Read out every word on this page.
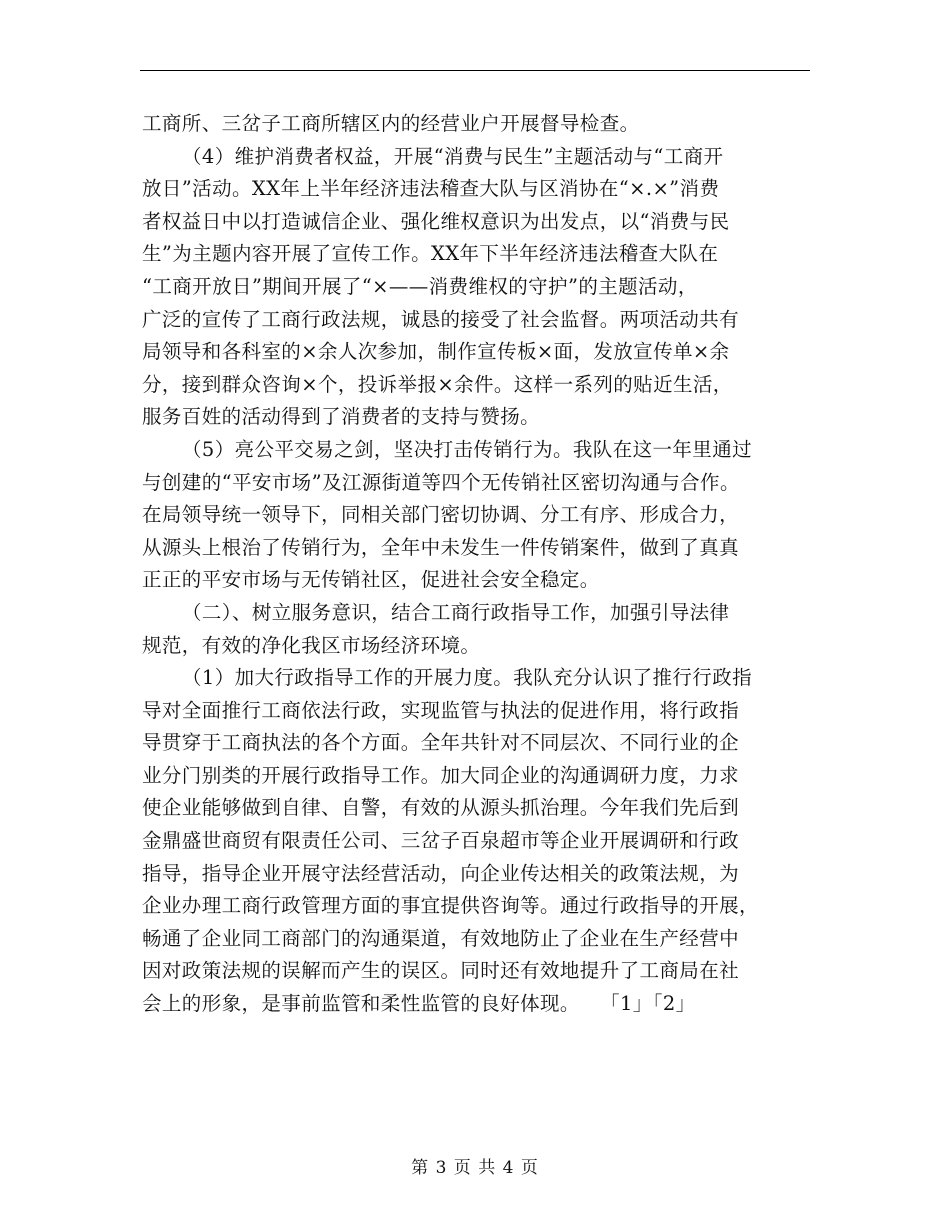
工商所、三岔子工商所辖区内的经营业户开展督导检查。
（4）维护消费者权益，开展“消费与民生”主题活动与“工商开
放日”活动。XX年上半年经济违法稽查大队与区消协在“×.×”消费
者权益日中以打造诚信企业、强化维权意识为出发点，以“消费与民
生”为主题内容开展了宣传工作。XX年下半年经济违法稽查大队在
“工商开放日”期间开展了“×——消费维权的守护”的主题活动，
广泛的宣传了工商行政法规，诚恳的接受了社会监督。两项活动共有
局领导和各科室的×余人次参加，制作宣传板×面，发放宣传单×余
分，接到群众咨询×个，投诉举报×余件。这样一系列的贴近生活，
服务百姓的活动得到了消费者的支持与赞扬。
（5）亮公平交易之剑，坚决打击传销行为。我队在这一年里通过
与创建的“平安市场”及江源街道等四个无传销社区密切沟通与合作。
在局领导统一领导下，同相关部门密切协调、分工有序、形成合力，
从源头上根治了传销行为，全年中未发生一件传销案件，做到了真真
正正的平安市场与无传销社区，促进社会安全稳定。
（二）、树立服务意识，结合工商行政指导工作，加强引导法律
规范，有效的净化我区市场经济环境。
（1）加大行政指导工作的开展力度。我队充分认识了推行行政指
导对全面推行工商依法行政，实现监管与执法的促进作用，将行政指
导贯穿于工商执法的各个方面。全年共针对不同层次、不同行业的企
业分门别类的开展行政指导工作。加大同企业的沟通调研力度，力求
使企业能够做到自律、自警，有效的从源头抓治理。今年我们先后到
金鼎盛世商贸有限责任公司、三岔子百泉超市等企业开展调研和行政
指导，指导企业开展守法经营活动，向企业传达相关的政策法规，为
企业办理工商行政管理方面的事宜提供咨询等。通过行政指导的开展，
畅通了企业同工商部门的沟通渠道，有效地防止了企业在生产经营中
因对政策法规的误解而产生的误区。同时还有效地提升了工商局在社
会上的形象，是事前监管和柔性监管的良好体现。　　「1」「2」
第 3 页 共 4 页
